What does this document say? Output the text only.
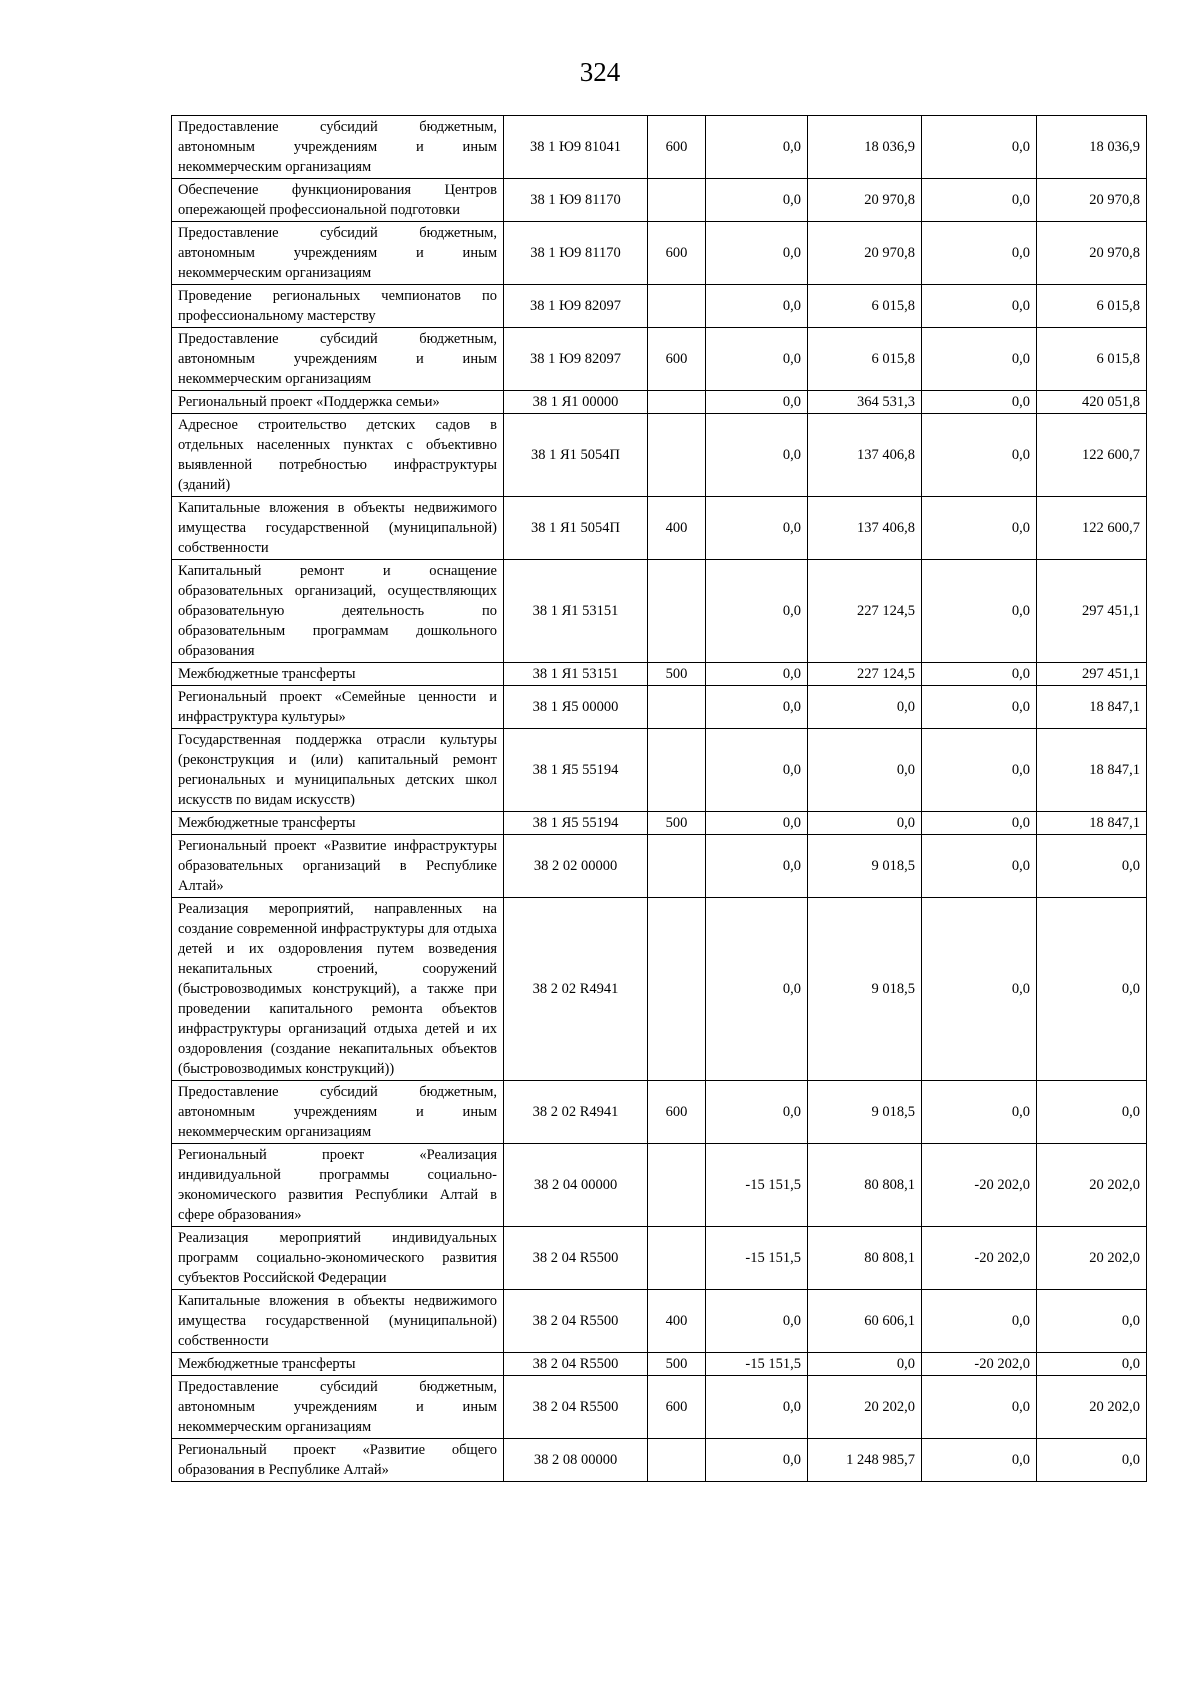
324
Предоставление субсидий бюджетным, автономным учреждениям и иным некоммерческим организациям	38 1 Ю9 81041	600	0,0	18 036,9	0,0	18 036,9
Обеспечение функционирования Центров опережающей профессиональной подготовки	38 1 Ю9 81170		0,0	20 970,8	0,0	20 970,8
Предоставление субсидий бюджетным, автономным учреждениям и иным некоммерческим организациям	38 1 Ю9 81170	600	0,0	20 970,8	0,0	20 970,8
Проведение региональных чемпионатов по профессиональному мастерству	38 1 Ю9 82097		0,0	6 015,8	0,0	6 015,8
Предоставление субсидий бюджетным, автономным учреждениям и иным некоммерческим организациям	38 1 Ю9 82097	600	0,0	6 015,8	0,0	6 015,8
Региональный проект «Поддержка семьи»	38 1 Я1 00000		0,0	364 531,3	0,0	420 051,8
Адресное строительство детских садов в отдельных населенных пунктах с объективно выявленной потребностью инфраструктуры (зданий)	38 1 Я1 5054П		0,0	137 406,8	0,0	122 600,7
Капитальные вложения в объекты недвижимого имущества государственной (муниципальной) собственности	38 1 Я1 5054П	400	0,0	137 406,8	0,0	122 600,7
Капитальный ремонт и оснащение образовательных организаций, осуществляющих образовательную деятельность по образовательным программам дошкольного образования	38 1 Я1 53151		0,0	227 124,5	0,0	297 451,1
Межбюджетные трансферты	38 1 Я1 53151	500	0,0	227 124,5	0,0	297 451,1
Региональный проект «Семейные ценности и инфраструктура культуры»	38 1 Я5 00000		0,0	0,0	0,0	18 847,1
Государственная поддержка отрасли культуры (реконструкция и (или) капитальный ремонт региональных и муниципальных детских школ искусств по видам искусств)	38 1 Я5 55194		0,0	0,0	0,0	18 847,1
Межбюджетные трансферты	38 1 Я5 55194	500	0,0	0,0	0,0	18 847,1
Региональный проект «Развитие инфраструктуры образовательных организаций в Республике Алтай»	38 2 02 00000		0,0	9 018,5	0,0	0,0
Реализация мероприятий, направленных на создание современной инфраструктуры для отдыха детей и их оздоровления путем возведения некапитальных строений, сооружений (быстровозводимых конструкций), а также при проведении капитального ремонта объектов инфраструктуры организаций отдыха детей и их оздоровления (создание некапитальных объектов (быстровозводимых конструкций))	38 2 02 R4941		0,0	9 018,5	0,0	0,0
Предоставление субсидий бюджетным, автономным учреждениям и иным некоммерческим организациям	38 2 02 R4941	600	0,0	9 018,5	0,0	0,0
Региональный проект «Реализация индивидуальной программы социально-экономического развития Республики Алтай в сфере образования»	38 2 04 00000		-15 151,5	80 808,1	-20 202,0	20 202,0
Реализация мероприятий индивидуальных программ социально-экономического развития субъектов Российской Федерации	38 2 04 R5500		-15 151,5	80 808,1	-20 202,0	20 202,0
Капитальные вложения в объекты недвижимого имущества государственной (муниципальной) собственности	38 2 04 R5500	400	0,0	60 606,1	0,0	0,0
Межбюджетные трансферты	38 2 04 R5500	500	-15 151,5	0,0	-20 202,0	0,0
Предоставление субсидий бюджетным, автономным учреждениям и иным некоммерческим организациям	38 2 04 R5500	600	0,0	20 202,0	0,0	20 202,0
Региональный проект «Развитие общего образования в Республике Алтай»	38 2 08 00000		0,0	1 248 985,7	0,0	0,0
